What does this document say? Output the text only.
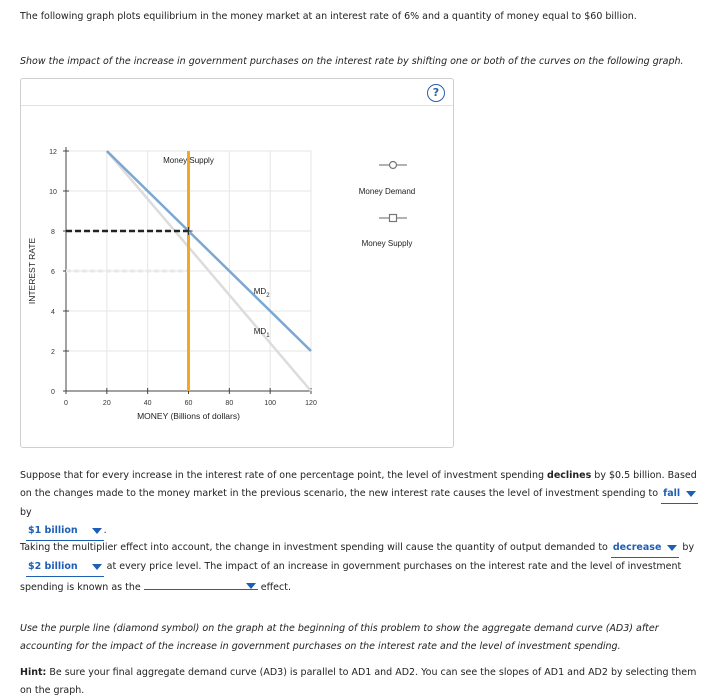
The following graph plots equilibrium in the money market at an interest rate of 6% and a quantity of money equal to $60 billion.

Show the impact of the increase in government purchases on the interest rate by shifting one or both of the curves on the following graph.

?
0	20	40	60	80	100	120
0
2
4
6
8
10
12
MONEY (Billions of dollars)
INTEREST RATE	$MD_2$
$MD_1$
Money Supply
Money Demand
Money Supply

Suppose that for every increase in the interest rate of one percentage point, the level of investment spending declines by $0.5 billion. Based on the changes made to the money market in the previous scenario, the new interest rate causes the level of investment spending to fall by
$1 billion	.

Taking the multiplier effect into account, the change in investment spending will cause the quantity of output demanded to decrease by
$2 billion	at every price level. The impact of an increase in government purchases on the interest rate and the level of investment spending is known as the	effect.

Use the purple line (diamond symbol) on the graph at the beginning of this problem to show the aggregate demand curve (AD3) after accounting for the impact of the increase in government purchases on the interest rate and the level of investment spending.

Hint: Be sure your final aggregate demand curve (AD3) is parallel to AD1 and AD2. You can see the slopes of AD1 and AD2 by selecting them on the graph.
